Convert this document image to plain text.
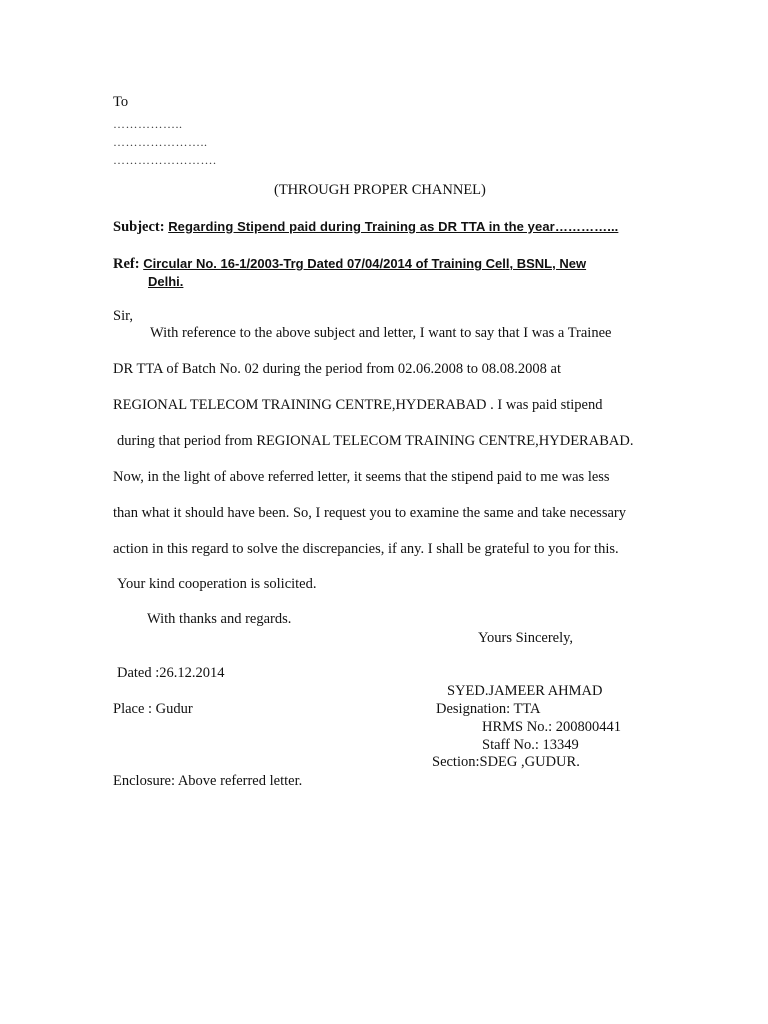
To
……………..
…………………..
…………………….
(THROUGH PROPER CHANNEL)
Subject: Regarding Stipend paid during Training as DR TTA in the year…………...
Ref: Circular No. 16-1/2003-Trg Dated 07/04/2014 of Training Cell, BSNL, New
Delhi.
Sir,
With reference to the above subject and letter, I want to say that I was a Trainee
DR TTA of Batch No. 02 during the period from 02.06.2008 to 08.08.2008 at
REGIONAL TELECOM TRAINING CENTRE,HYDERABAD . I was paid stipend
during that period from REGIONAL TELECOM TRAINING CENTRE,HYDERABAD.
Now, in the light of above referred letter, it seems that the stipend paid to me was less
than what it should have been. So, I request you to examine the same and take necessary
action in this regard to solve the discrepancies, if any. I shall be grateful to you for this.
Your kind cooperation is solicited.
With thanks and regards.
Yours Sincerely,
Dated :26.12.2014
SYED.JAMEER AHMAD
Place : Gudur	Designation: TTA
HRMS No.: 200800441
Staff No.: 13349
Section:SDEG ,GUDUR.
Enclosure: Above referred letter.
